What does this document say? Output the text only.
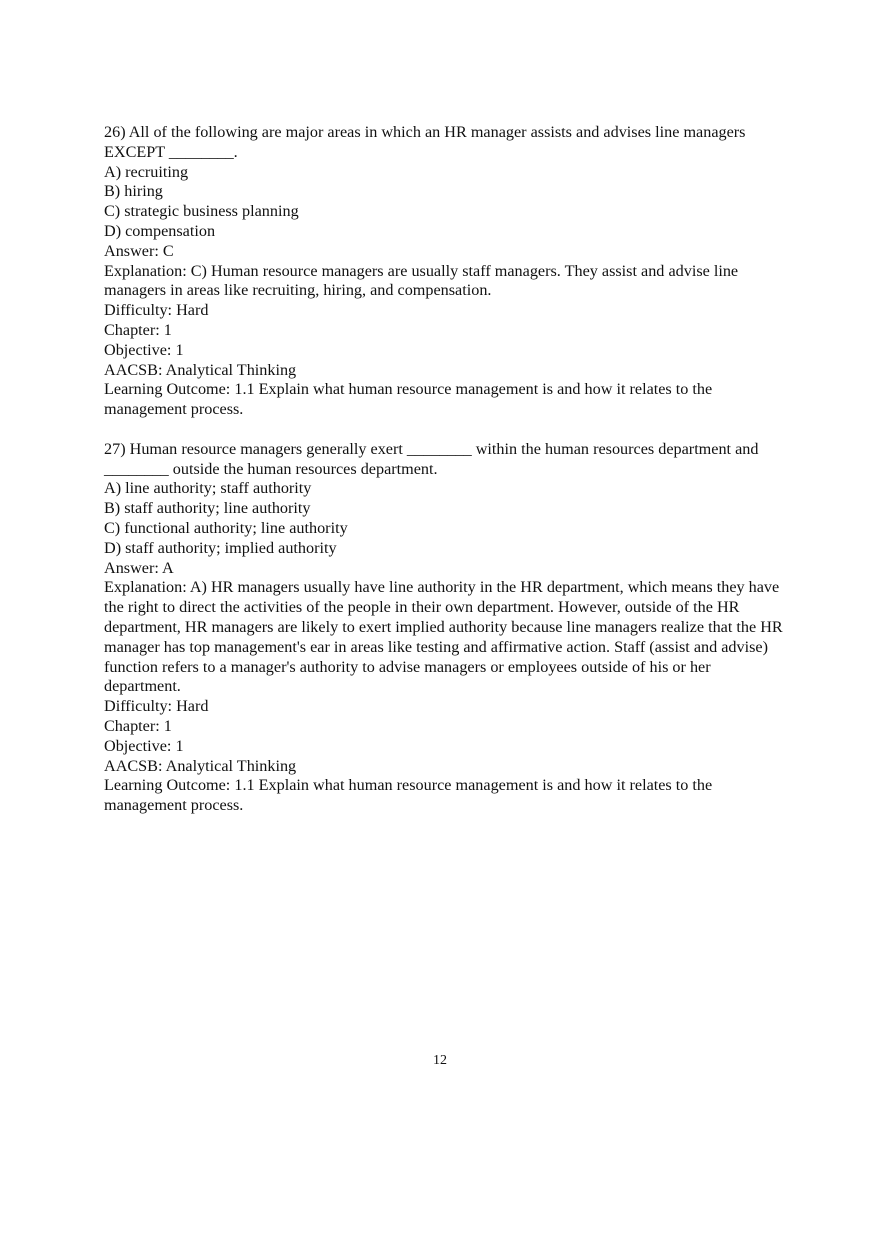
26) All of the following are major areas in which an HR manager assists and advises line managers EXCEPT ________.
A) recruiting
B) hiring
C) strategic business planning
D) compensation
Answer: C
Explanation: C) Human resource managers are usually staff managers. They assist and advise line managers in areas like recruiting, hiring, and compensation.
Difficulty: Hard
Chapter: 1
Objective: 1
AACSB: Analytical Thinking
Learning Outcome: 1.1 Explain what human resource management is and how it relates to the management process.
27) Human resource managers generally exert ________ within the human resources department and ________ outside the human resources department.
A) line authority; staff authority
B) staff authority; line authority
C) functional authority; line authority
D) staff authority; implied authority
Answer: A
Explanation: A) HR managers usually have line authority in the HR department, which means they have the right to direct the activities of the people in their own department. However, outside of the HR department, HR managers are likely to exert implied authority because line managers realize that the HR manager has top management's ear in areas like testing and affirmative action. Staff (assist and advise) function refers to a manager's authority to advise managers or employees outside of his or her department.
Difficulty: Hard
Chapter: 1
Objective: 1
AACSB: Analytical Thinking
Learning Outcome: 1.1 Explain what human resource management is and how it relates to the management process.
12
